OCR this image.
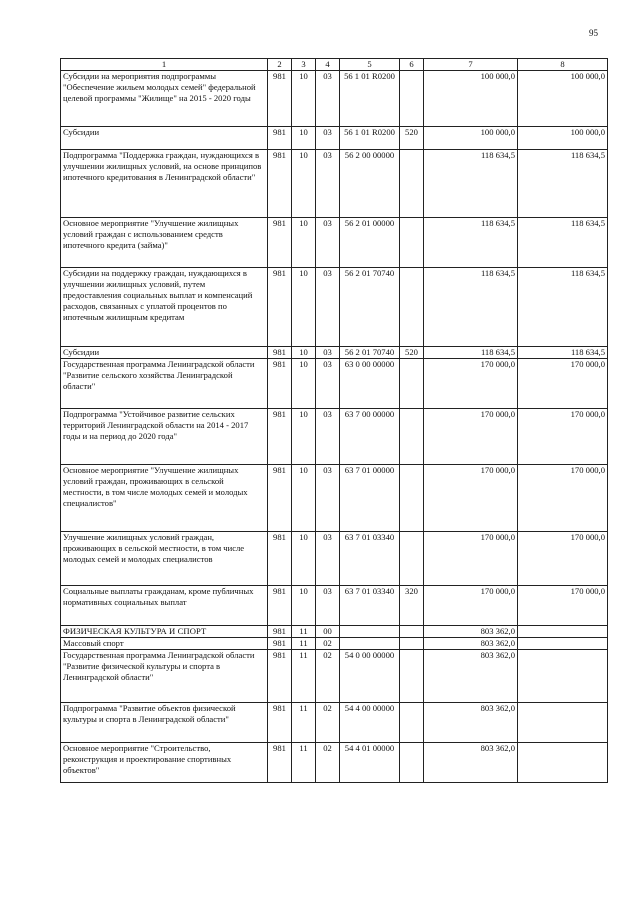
95
1	2	3	4	5	6	7	8
Субсидии на мероприятия подпрограммы "Обеспечение жильем молодых семей" федеральной целевой программы "Жилище" на 2015 - 2020 годы	981	10	03	56 1 01 R0200		100 000,0	100 000,0
Субсидии	981	10	03	56 1 01 R0200	520	100 000,0	100 000,0
Подпрограмма "Поддержка граждан, нуждающихся в улучшении жилищных условий, на основе принципов ипотечного кредитования в Ленинградской области"	981	10	03	56 2 00 00000		118 634,5	118 634,5
Основное мероприятие "Улучшение жилищных условий граждан с использованием средств ипотечного кредита (займа)"	981	10	03	56 2 01 00000		118 634,5	118 634,5
Субсидии на поддержку граждан, нуждающихся в улучшении жилищных условий, путем предоставления социальных выплат и компенсаций расходов, связанных с уплатой процентов по ипотечным жилищным кредитам	981	10	03	56 2 01 70740		118 634,5	118 634,5
Субсидии	981	10	03	56 2 01 70740	520	118 634,5	118 634,5
Государственная программа Ленинградской области "Развитие сельского хозяйства Ленинградской области"	981	10	03	63 0 00 00000		170 000,0	170 000,0
Подпрограмма "Устойчивое развитие сельских территорий Ленинградской области на 2014 - 2017 годы и на период до 2020 года"	981	10	03	63 7 00 00000		170 000,0	170 000,0
Основное мероприятие "Улучшение жилищных условий граждан, проживающих в сельской местности, в том числе молодых семей и молодых специалистов"	981	10	03	63 7 01 00000		170 000,0	170 000,0
Улучшение жилищных условий граждан, проживающих в сельской местности, в том числе молодых семей и молодых специалистов	981	10	03	63 7 01 03340		170 000,0	170 000,0
Социальные выплаты гражданам, кроме публичных нормативных социальных выплат	981	10	03	63 7 01 03340	320	170 000,0	170 000,0
ФИЗИЧЕСКАЯ КУЛЬТУРА И СПОРТ	981	11	00			803 362,0	
Массовый спорт	981	11	02			803 362,0	
Государственная программа Ленинградской области "Развитие физической культуры и спорта в Ленинградской области"	981	11	02	54 0 00 00000		803 362,0	
Подпрограмма "Развитие объектов физической культуры и спорта в Ленинградской области"	981	11	02	54 4 00 00000		803 362,0	
Основное мероприятие "Строительство, реконструкция и проектирование спортивных объектов"	981	11	02	54 4 01 00000		803 362,0	
